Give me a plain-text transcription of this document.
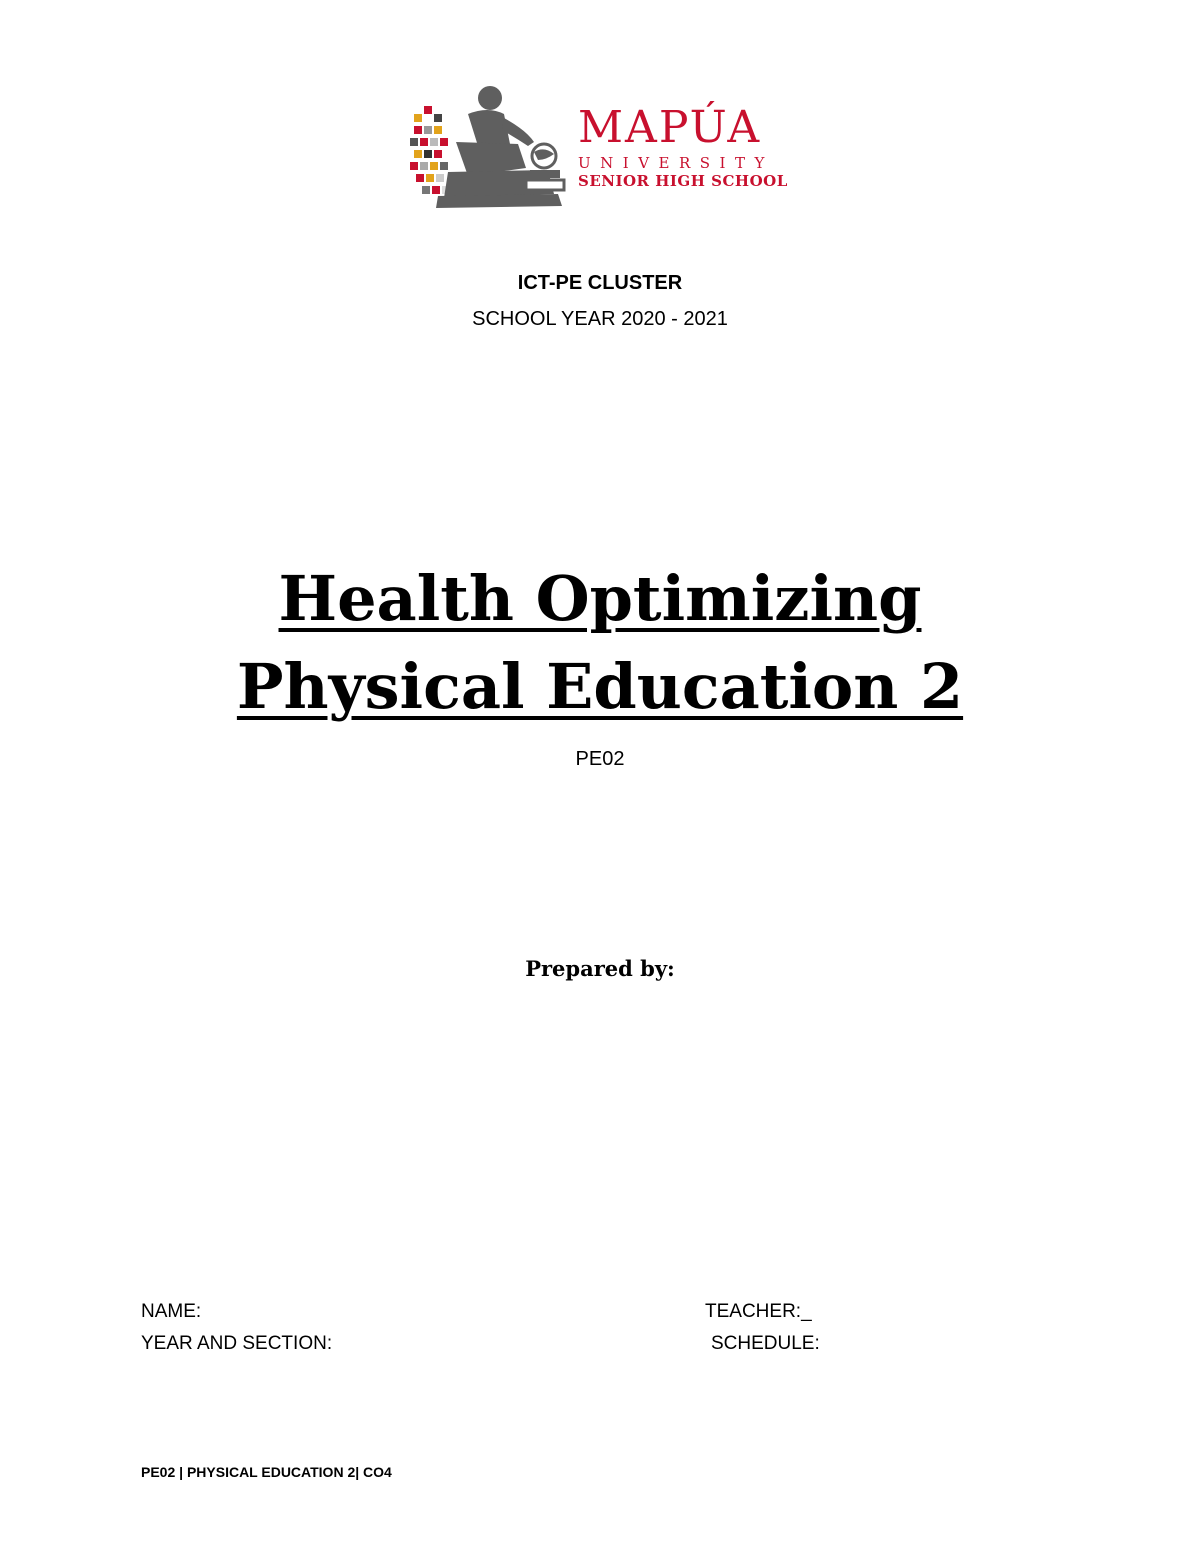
MAPÚA
UNIVERSITY
SENIOR HIGH SCHOOL
ICT-PE CLUSTER
SCHOOL YEAR 2020 - 2021
Health Optimizing
Physical Education 2
PE02
Prepared by:
NAME:	TEACHER:_
YEAR AND SECTION:	SCHEDULE:
PE02 | PHYSICAL EDUCATION 2| CO4
